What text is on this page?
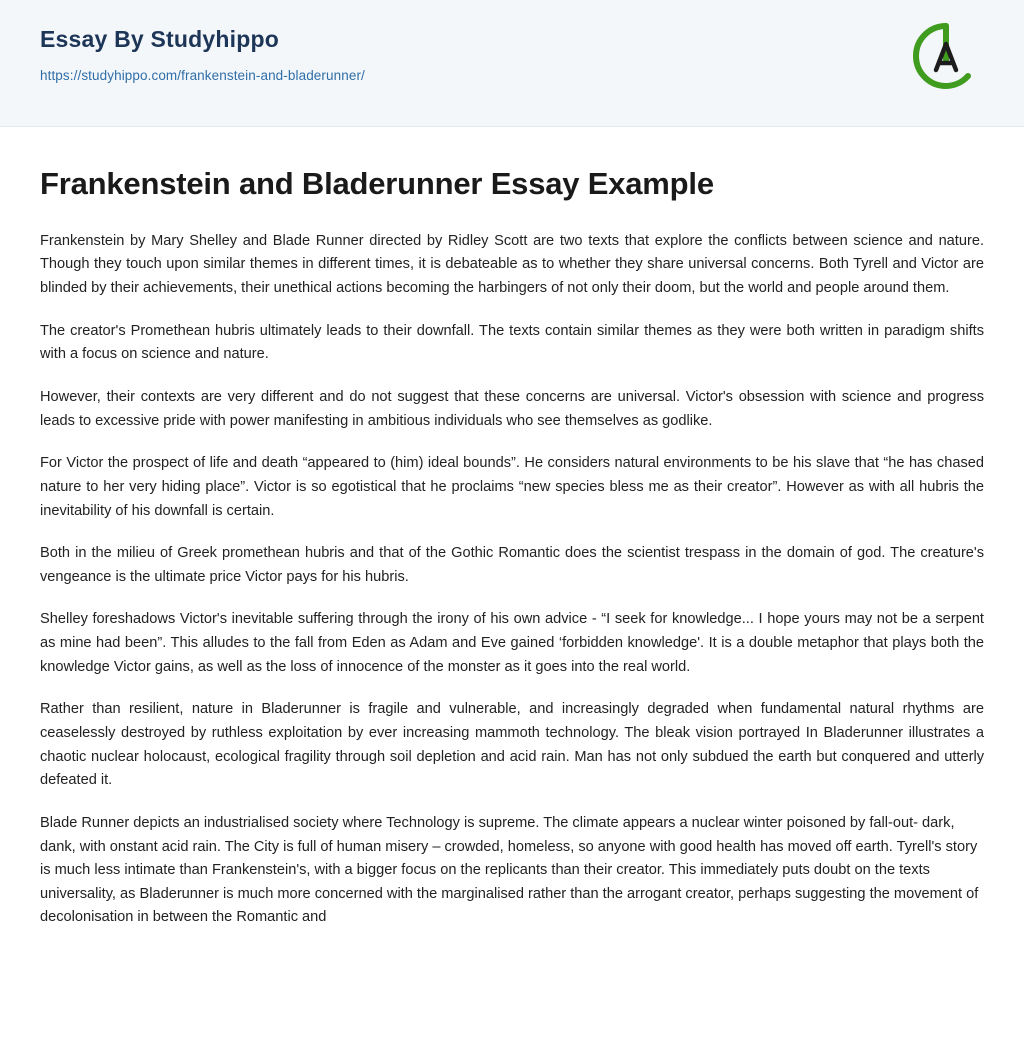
Essay By Studyhippo
https://studyhippo.com/frankenstein-and-bladerunner/
Frankenstein and Bladerunner Essay Example

Frankenstein by Mary Shelley and Blade Runner directed by Ridley Scott are two texts that explore the conflicts between science and nature. Though they touch upon similar themes in different times, it is debateable as to whether they share universal concerns. Both Tyrell and Victor are blinded by their achievements, their unethical actions becoming the harbingers of not only their doom, but the world and people around them.

The creator's Promethean hubris ultimately leads to their downfall. The texts contain similar themes as they were both written in paradigm shifts with a focus on science and nature.

However, their contexts are very different and do not suggest that these concerns are universal. Victor's obsession with science and progress leads to excessive pride with power manifesting in ambitious individuals who see themselves as godlike.

For Victor the prospect of life and death “appeared to (him) ideal bounds”. He considers natural environments to be his slave that “he has chased nature to her very hiding place”. Victor is so egotistical that he proclaims “new species bless me as their creator”. However as with all hubris the inevitability of his downfall is certain.

Both in the milieu of Greek promethean hubris and that of the Gothic Romantic does the scientist trespass in the domain of god. The creature's vengeance is the ultimate price Victor pays for his hubris.

Shelley foreshadows Victor's inevitable suffering through the irony of his own advice - “I seek for knowledge... I hope yours may not be a serpent as mine had been”. This alludes to the fall from Eden as Adam and Eve gained ‘forbidden knowledge'. It is a double metaphor that plays both the knowledge Victor gains, as well as the loss of innocence of the monster as it goes into the real world.

Rather than resilient, nature in Bladerunner is fragile and vulnerable, and increasingly degraded when fundamental natural rhythms are ceaselessly destroyed by ruthless exploitation by ever increasing mammoth technology. The bleak vision portrayed In Bladerunner illustrates a chaotic nuclear holocaust, ecological fragility through soil depletion and acid rain. Man has not only subdued the earth but conquered and utterly defeated it.

Blade Runner depicts an industrialised society where Technology is supreme. The climate appears a nuclear winter poisoned by fall-out- dark, dank, with onstant acid rain. The City is full of human misery – crowded, homeless, so anyone with good health has moved off earth. Tyrell's story is much less intimate than Frankenstein's, with a bigger focus on the replicants than their creator. This immediately puts doubt on the texts universality, as Bladerunner is much more concerned with the marginalised rather than the arrogant creator, perhaps suggesting the movement of decolonisation in between the Romantic and
